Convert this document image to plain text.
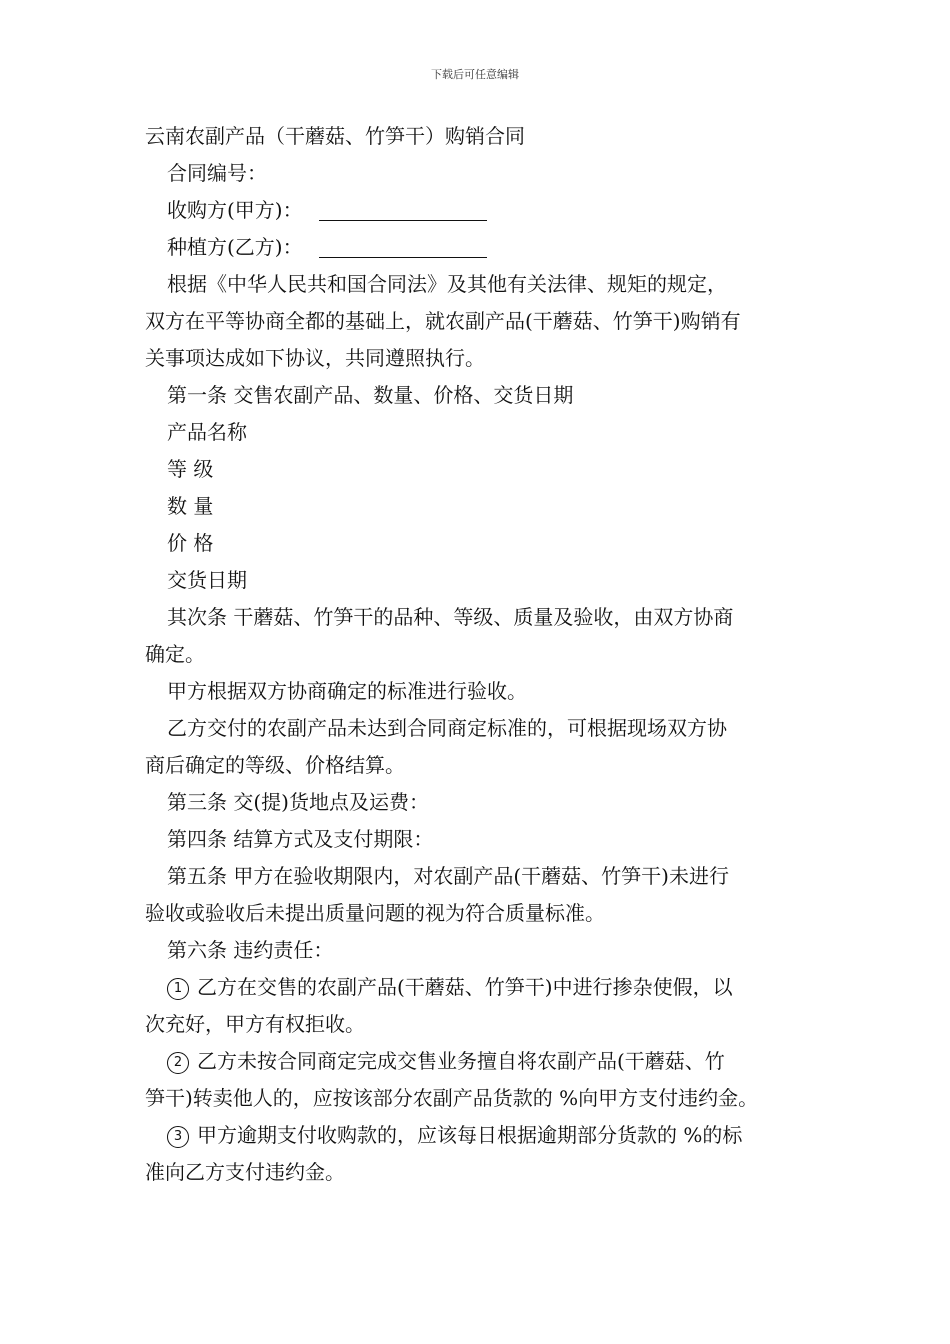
下载后可任意编辑
云南农副产品（干蘑菇、竹笋干）购销合同
合同编号：
收购方(甲方)：
种植方(乙方)：
根据《中华人民共和国合同法》及其他有关法律、规矩的规定，
双方在平等协商全都的基础上，就农副产品(干蘑菇、竹笋干)购销有
关事项达成如下协议，共同遵照执行。
第一条 交售农副产品、数量、价格、交货日期
产品名称
等 级
数 量
价 格
交货日期
其次条 干蘑菇、竹笋干的品种、等级、质量及验收，由双方协商
确定。
甲方根据双方协商确定的标准进行验收。
乙方交付的农副产品未达到合同商定标准的，可根据现场双方协
商后确定的等级、价格结算。
第三条 交(提)货地点及运费：
第四条 结算方式及支付期限：
第五条 甲方在验收期限内，对农副产品(干蘑菇、竹笋干)未进行
验收或验收后未提出质量问题的视为符合质量标准。
第六条 违约责任：
1 乙方在交售的农副产品(干蘑菇、竹笋干)中进行掺杂使假，以
次充好，甲方有权拒收。
2 乙方未按合同商定完成交售业务擅自将农副产品(干蘑菇、竹
笋干)转卖他人的，应按该部分农副产品货款的 %向甲方支付违约金。
3 甲方逾期支付收购款的，应该每日根据逾期部分货款的 %的标
准向乙方支付违约金。
